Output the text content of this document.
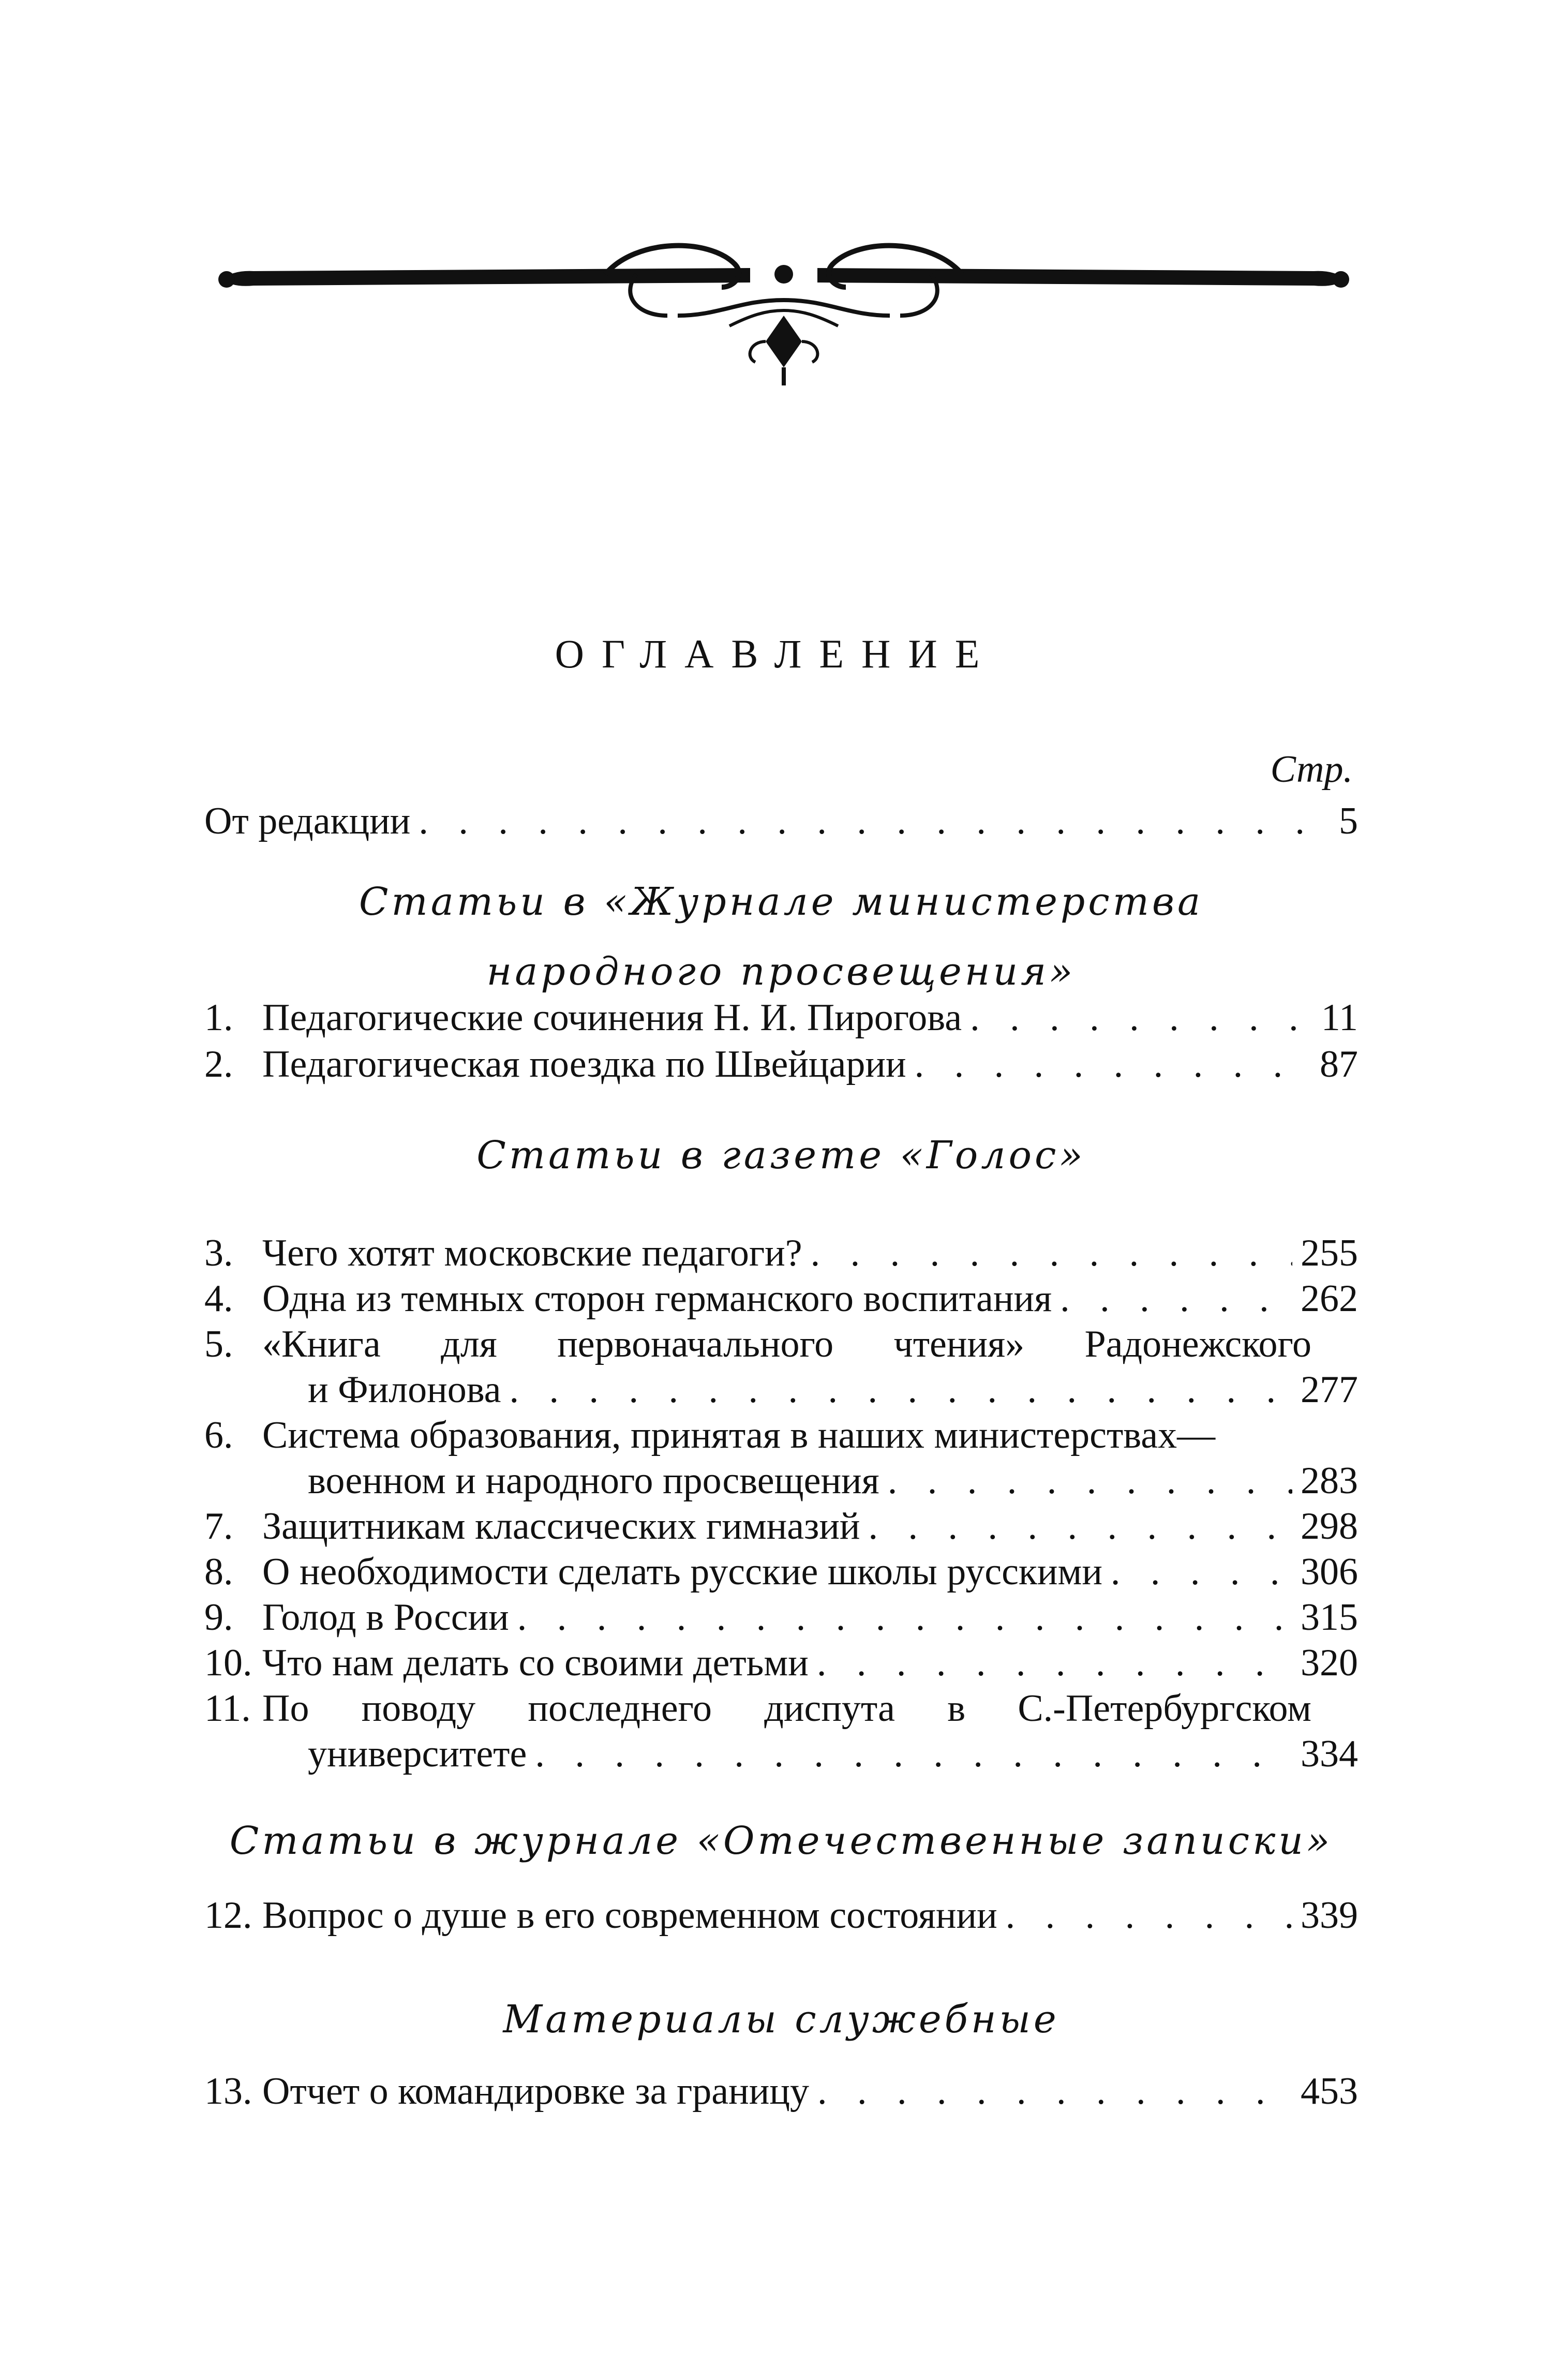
ОГЛАВЛЕНИЕ
Стр.
От редакции . . .	5
Статьи в «Журнале министерства
народного просвещения»
1. Педагогические сочинения Н. И. Пирогова . . .	11
2. Педагогическая поездка по Швейцарии . . .	87
Статьи в газете «Голос»
3. Чего хотят московские педагоги? . . .	255
4. Одна из темных сторон германского воспитания . . .	262
5. «Книга для первоначального чтения» Радонежского
и Филонова . . .	277
6. Система образования, принятая в наших министерствах—
военном и народного просвещения . . .	283
7. Защитникам классических гимназий . . .	298
8. О необходимости сделать русские школы русскими . . .	306
9. Голод в России . . .	315
10. Что нам делать со своими детьми . . .	320
11. По поводу последнего диспута в С.-Петербургском
университете . . .	334
Статьи в журнале «Отечественные записки»
12. Вопрос о душе в его современном состоянии . . .	339
Материалы служебные
13. Отчет о командировке за границу . . .	453
